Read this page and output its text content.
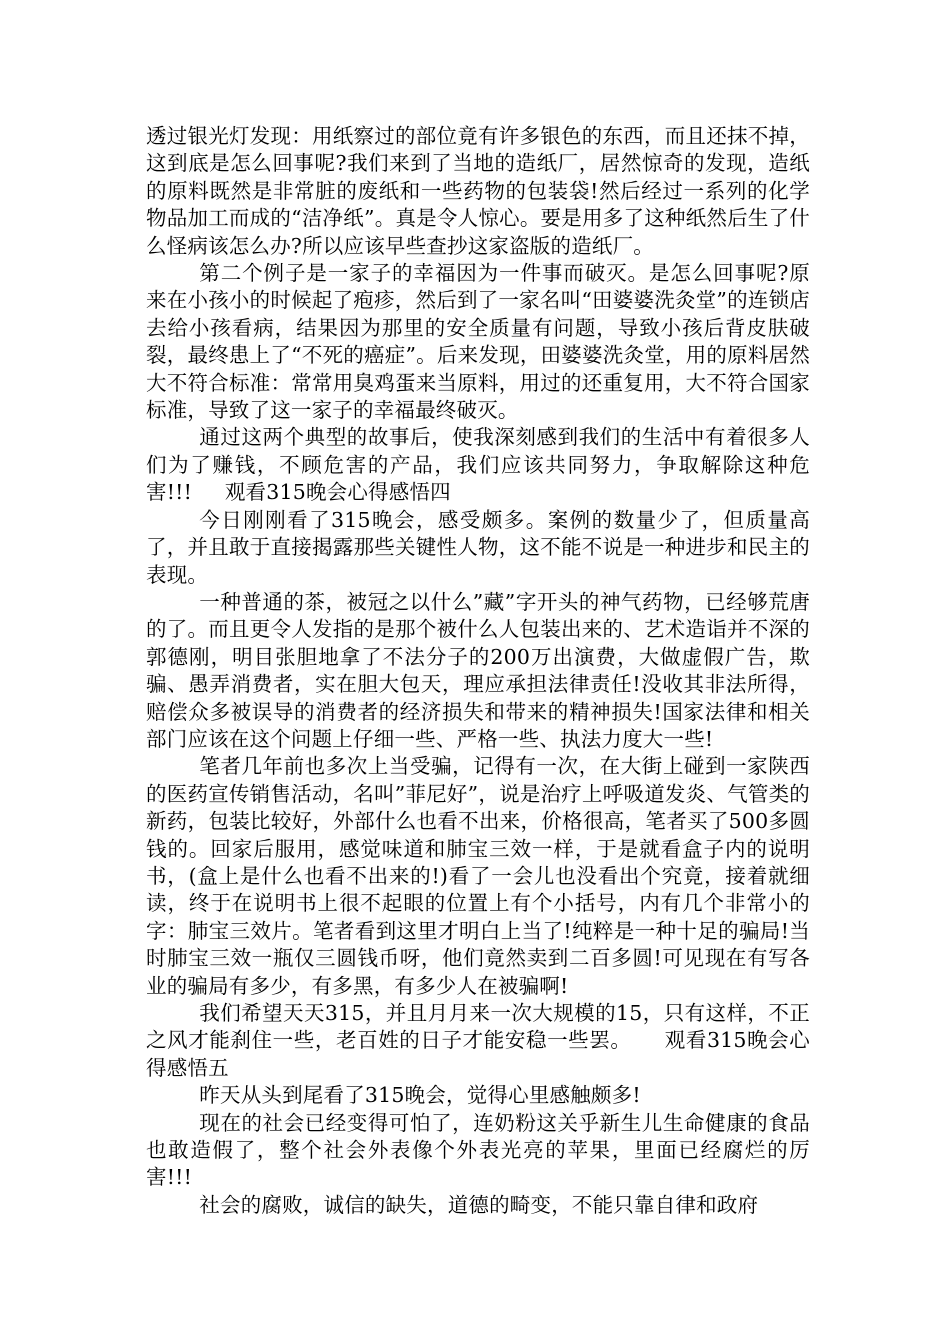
透过银光灯发现：用纸察过的部位竟有许多银色的东西，而且还抹不掉，这到底是怎么回事呢?我们来到了当地的造纸厂，居然惊奇的发现，造纸的原料既然是非常脏的废纸和一些药物的包装袋!然后经过一系列的化学物品加工而成的“洁净纸”。真是令人惊心。要是用多了这种纸然后生了什么怪病该怎么办?所以应该早些查抄这家盗版的造纸厂。

第二个例子是一家子的幸福因为一件事而破灭。是怎么回事呢?原来在小孩小的时候起了疱疹，然后到了一家名叫“田婆婆洗灸堂”的连锁店去给小孩看病，结果因为那里的安全质量有问题，导致小孩后背皮肤破裂，最终患上了“不死的癌症”。后来发现，田婆婆洗灸堂，用的原料居然大不符合标准：常常用臭鸡蛋来当原料，用过的还重复用，大不符合国家标准，导致了这一家子的幸福最终破灭。

通过这两个典型的故事后，使我深刻感到我们的生活中有着很多人们为了赚钱，不顾危害的产品，我们应该共同努力，争取解除这种危害!!! 观看315晚会心得感悟四

今日刚刚看了315晚会，感受颇多。案例的数量少了，但质量高了，并且敢于直接揭露那些关键性人物，这不能不说是一种进步和民主的表现。

一种普通的茶，被冠之以什么”藏”字开头的神气药物，已经够荒唐的了。而且更令人发指的是那个被什么人包装出来的、艺术造诣并不深的郭德刚，明目张胆地拿了不法分子的200万出演费，大做虚假广告，欺骗、愚弄消费者，实在胆大包天，理应承担法律责任!没收其非法所得，赔偿众多被误导的消费者的经济损失和带来的精神损失!国家法律和相关部门应该在这个问题上仔细一些、严格一些、执法力度大一些!

笔者几年前也多次上当受骗，记得有一次，在大街上碰到一家陕西的医药宣传销售活动，名叫”菲尼好”，说是治疗上呼吸道发炎、气管类的新药，包装比较好，外部什么也看不出来，价格很高，笔者买了500多圆钱的。回家后服用，感觉味道和肺宝三效一样，于是就看盒子内的说明书，(盒上是什么也看不出来的!)看了一会儿也没看出个究竟，接着就细读，终于在说明书上很不起眼的位置上有个小括号，内有几个非常小的字：肺宝三效片。笔者看到这里才明白上当了!纯粹是一种十足的骗局!当时肺宝三效一瓶仅三圆钱币呀，他们竟然卖到二百多圆!可见现在有写各业的骗局有多少，有多黑，有多少人在被骗啊!

我们希望天天315，并且月月来一次大规模的15，只有这样，不正之风才能刹住一些，老百姓的日子才能安稳一些罢。 观看315晚会心得感悟五

昨天从头到尾看了315晚会，觉得心里感触颇多!

现在的社会已经变得可怕了，连奶粉这关乎新生儿生命健康的食品也敢造假了，整个社会外表像个外表光亮的苹果，里面已经腐烂的厉害!!!

社会的腐败，诚信的缺失，道德的畸变，不能只靠自律和政府
